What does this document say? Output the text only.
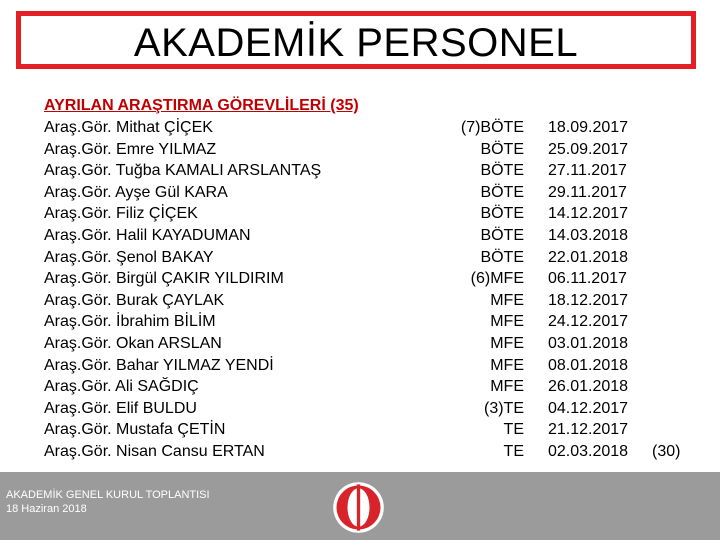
AKADEMİK PERSONEL
AYRILAN ARAŞTIRMA GÖREVLİLERİ (35)
Araş.Gör. Mithat ÇİÇEK	(7)BÖTE 18.09.2017
Araş.Gör. Emre YILMAZ	BÖTE 25.09.2017
Araş.Gör. Tuğba KAMALI ARSLANTAŞ	BÖTE 27.11.2017
Araş.Gör. Ayşe Gül KARA	BÖTE 29.11.2017
Araş.Gör. Filiz ÇİÇEK	BÖTE 14.12.2017
Araş.Gör. Halil KAYADUMAN	BÖTE 14.03.2018
Araş.Gör. Şenol BAKAY	BÖTE 22.01.2018
Araş.Gör. Birgül ÇAKIR YILDIRIM	(6)MFE 06.11.2017
Araş.Gör. Burak ÇAYLAK	MFE 18.12.2017
Araş.Gör. İbrahim BİLİM	MFE 24.12.2017
Araş.Gör. Okan ARSLAN	MFE 03.01.2018
Araş.Gör. Bahar YILMAZ YENDİ	MFE 08.01.2018
Araş.Gör. Ali SAĞDIÇ	MFE 26.01.2018
Araş.Gör. Elif BULDU	(3)TE 04.12.2017
Araş.Gör. Mustafa ÇETİN	TE 21.12.2017
Araş.Gör. Nisan Cansu ERTAN	TE 02.03.2018 (30)
AKADEMİK GENEL KURUL TOPLANTISI
18 Haziran 2018
